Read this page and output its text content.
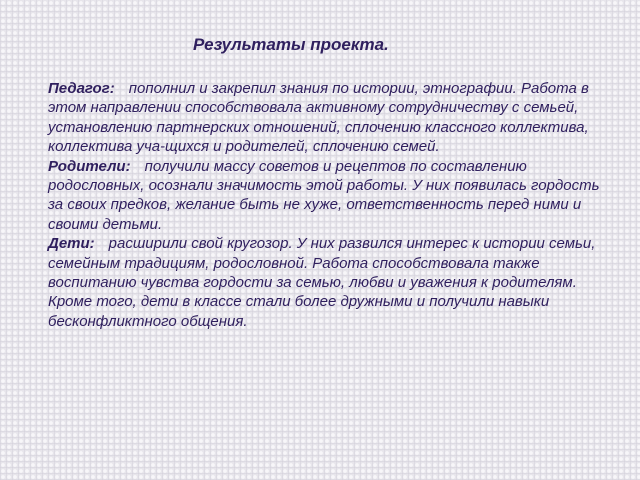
Результаты проекта.

Педагог: пополнил и закрепил знания по истории, этнографии. Работа в этом направлении способствовала активному сотрудничеству с семьей, установлению партнерских отношений, сплочению классного коллектива, коллектива уча-щихся и родителей, сплочению семей.

Родители: получили массу советов и рецептов по составлению родословных, осознали значимость этой работы. У них появилась гордость за своих предков, желание быть не хуже, ответственность перед ними и своими детьми.

Дети: расширили свой кругозор. У них развился интерес к истории семьи, семейным традициям, родословной. Работа способствовала также воспитанию чувства гордости за семью, любви и уважения к родителям. Кроме того, дети в классе стали более дружными и получили навыки бесконфликтного общения.
